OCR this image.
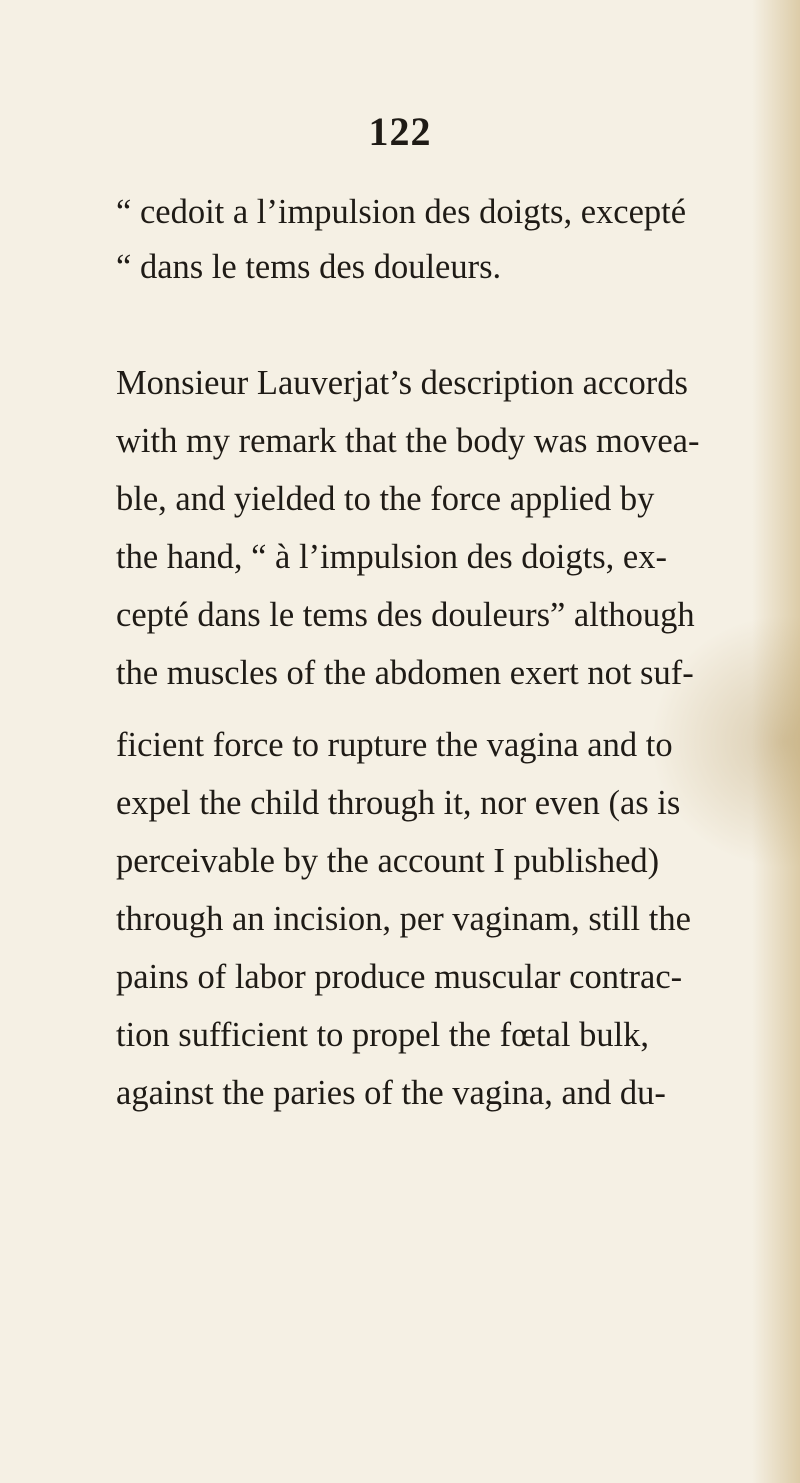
122
“ cedoit a l’impulsion des doigts, excepté
“ dans le tems des douleurs.
Monsieur Lauverjat’s description accords
with my remark that the body was movea-
ble, and yielded to the force applied by
the hand, “ à l’impulsion des doigts, ex-
cepté dans le tems des douleurs” although
the muscles of the abdomen exert not suf-
ficient force to rupture the vagina and to
expel the child through it, nor even (as is
perceivable by the account I published)
through an incision, per vaginam, still the
pains of labor produce muscular contrac-
tion sufficient to propel the fœtal bulk,
against the paries of the vagina, and du-
